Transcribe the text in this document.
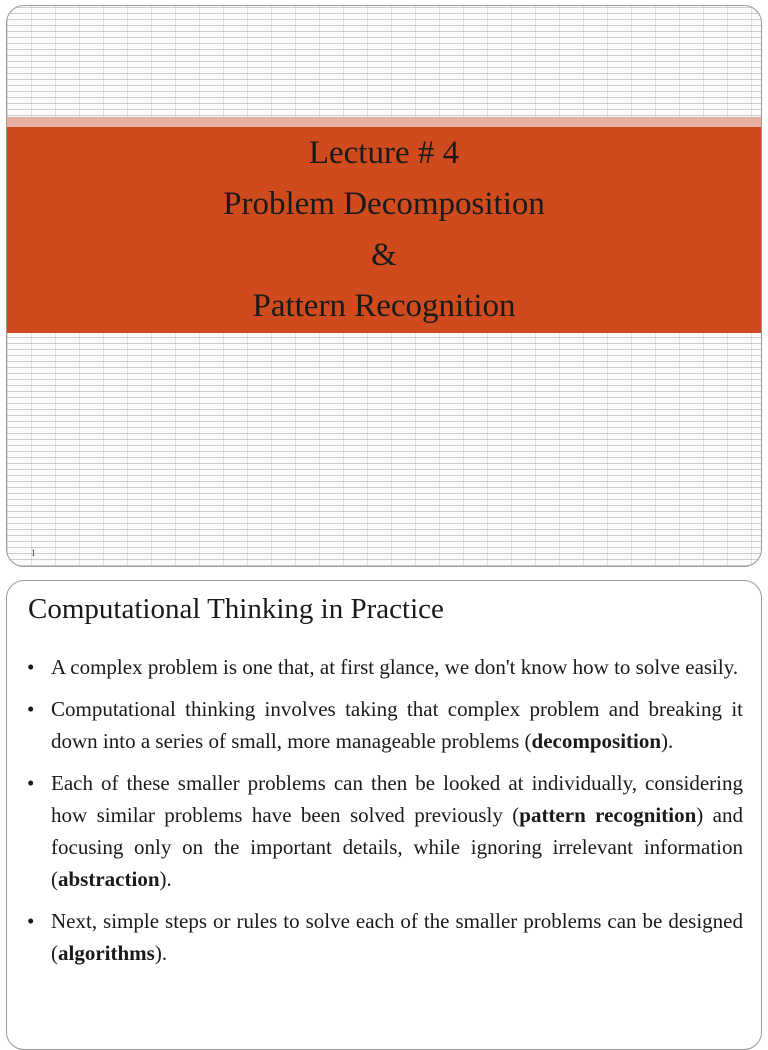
Lecture # 4
Problem Decomposition
&
Pattern Recognition
1
Computational Thinking in Practice
• A complex problem is one that, at first glance, we don't know how to solve easily.
• Computational thinking involves taking that complex problem and breaking it down into a series of small, more manageable problems (decomposition).
• Each of these smaller problems can then be looked at individually, considering how similar problems have been solved previously (pattern recognition) and focusing only on the important details, while ignoring irrelevant information (abstraction).
• Next, simple steps or rules to solve each of the smaller problems can be designed (algorithms).
